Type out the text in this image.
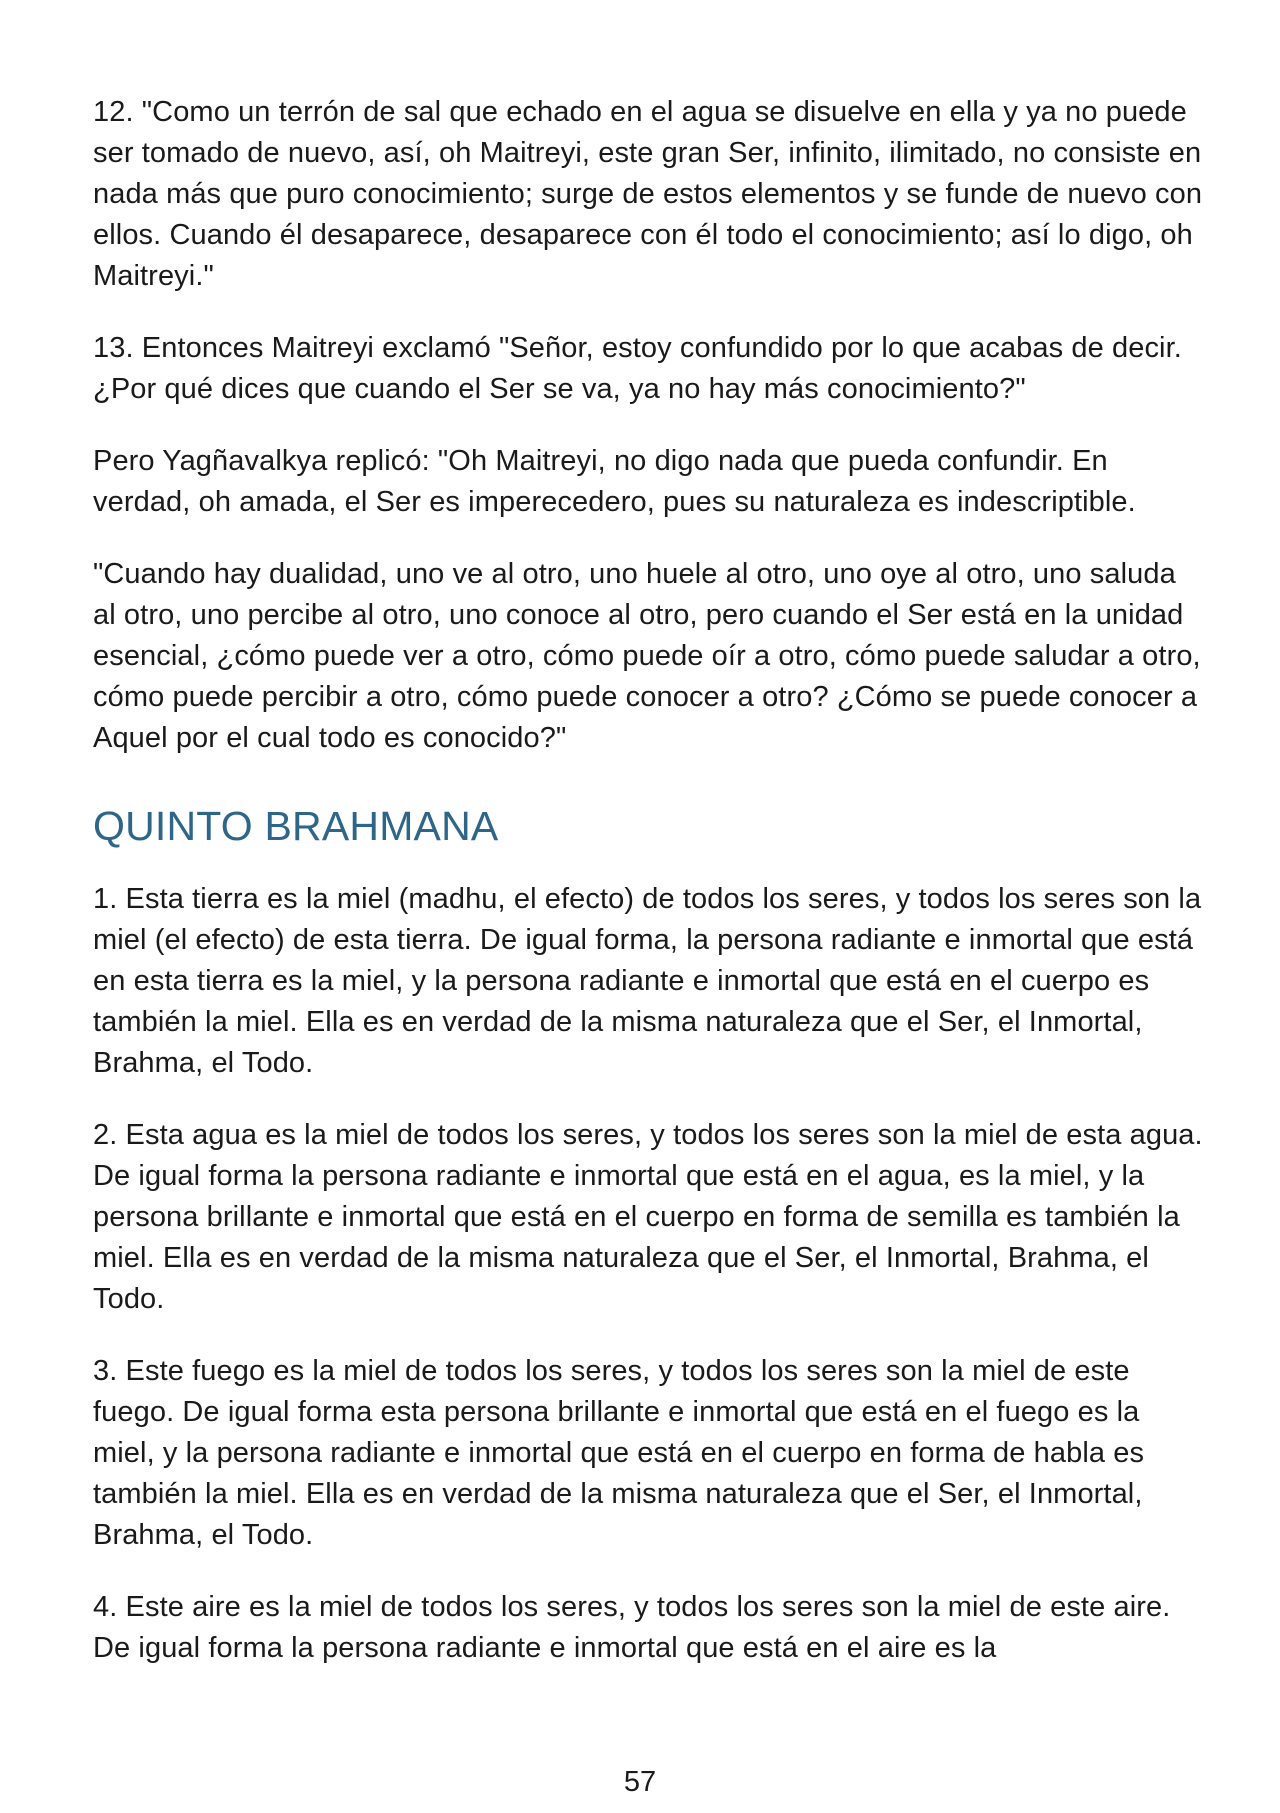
12. "Como un terrón de sal que echado en el agua se disuelve en ella y ya no puede ser tomado de nuevo, así, oh Maitreyi, este gran Ser, infinito, ilimitado, no consiste en nada más que puro conocimiento; surge de estos elementos y se funde de nuevo con ellos. Cuando él desaparece, desaparece con él todo el conocimiento; así lo digo, oh Maitreyi."

13. Entonces Maitreyi exclamó "Señor, estoy confundido por lo que acabas de decir. ¿Por qué dices que cuando el Ser se va, ya no hay más conocimiento?"

Pero Yagñavalkya replicó: "Oh Maitreyi, no digo nada que pueda confundir. En verdad, oh amada, el Ser es imperecedero, pues su naturaleza es indescriptible.

"Cuando hay dualidad, uno ve al otro, uno huele al otro, uno oye al otro, uno saluda al otro, uno percibe al otro, uno conoce al otro, pero cuando el Ser está en la unidad esencial, ¿cómo puede ver a otro, cómo puede oír a otro, cómo puede saludar a otro, cómo puede percibir a otro, cómo puede conocer a otro? ¿Cómo se puede conocer a Aquel por el cual todo es conocido?"

QUINTO BRAHMANA

1. Esta tierra es la miel (madhu, el efecto) de todos los seres, y todos los seres son la miel (el efecto) de esta tierra. De igual forma, la persona radiante e inmortal que está en esta tierra es la miel, y la persona radiante e inmortal que está en el cuerpo es también la miel. Ella es en verdad de la misma naturaleza que el Ser, el Inmortal, Brahma, el Todo.

2. Esta agua es la miel de todos los seres, y todos los seres son la miel de esta agua. De igual forma la persona radiante e inmortal que está en el agua, es la miel, y la persona brillante e inmortal que está en el cuerpo en forma de semilla es también la miel. Ella es en verdad de la misma naturaleza que el Ser, el Inmortal, Brahma, el Todo.

3. Este fuego es la miel de todos los seres, y todos los seres son la miel de este fuego. De igual forma esta persona brillante e inmortal que está en el fuego es la miel, y la persona radiante e inmortal que está en el cuerpo en forma de habla es también la miel. Ella es en verdad de la misma naturaleza que el Ser, el Inmortal, Brahma, el Todo.

4. Este aire es la miel de todos los seres, y todos los seres son la miel de este aire. De igual forma la persona radiante e inmortal que está en el aire es la

57
